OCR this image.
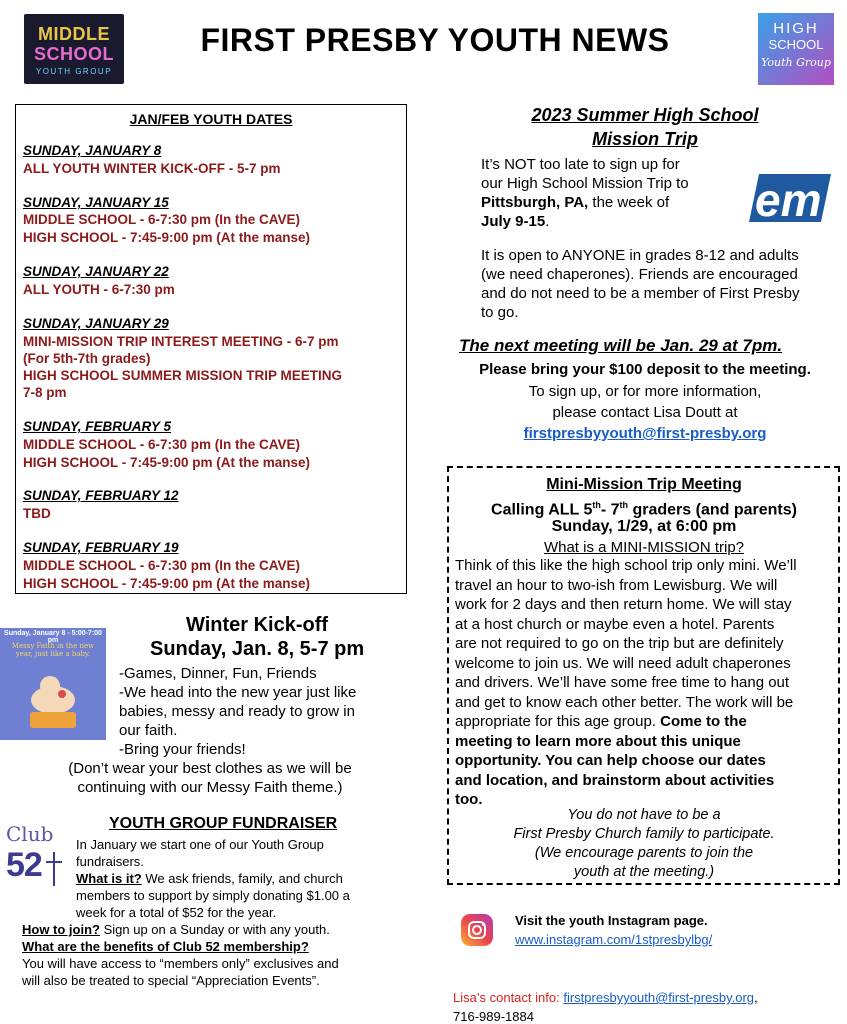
MIDDLE
SCHOOL
YOUTH GROUP
FIRST PRESBY YOUTH NEWS	HIGH
SCHOOL
Youth Group
JAN/FEB YOUTH DATES
SUNDAY, JANUARY 8
ALL YOUTH WINTER KICK-OFF - 5-7 pm
SUNDAY, JANUARY 15
MIDDLE SCHOOL - 6-7:30 pm (In the CAVE)
HIGH SCHOOL - 7:45-9:00 pm (At the manse)
SUNDAY, JANUARY 22
ALL YOUTH - 6-7:30 pm
SUNDAY, JANUARY 29
MINI-MISSION TRIP INTEREST MEETING - 6-7 pm
(For 5th-7th grades)
HIGH SCHOOL SUMMER MISSION TRIP MEETING
7-8 pm
SUNDAY, FEBRUARY 5
MIDDLE SCHOOL - 6-7:30 pm (In the CAVE)
HIGH SCHOOL - 7:45-9:00 pm (At the manse)
SUNDAY, FEBRUARY 12
TBD
SUNDAY, FEBRUARY 19
MIDDLE SCHOOL - 6-7:30 pm (In the CAVE)
HIGH SCHOOL - 7:45-9:00 pm (At the manse)
Sunday, January 8 - 5:00-7:00 pm
Messy Faith in the new year, just like a baby.
Winter Kick-off
Sunday, Jan. 8, 5-7 pm
-Games, Dinner, Fun, Friends
-We head into the new year just like
babies, messy and ready to grow in
our faith.
-Bring your friends!
(Don’t wear your best clothes as we will be
continuing with our Messy Faith theme.)
Club
52
YOUTH GROUP FUNDRAISER
In January we start one of our Youth Group
fundraisers.
What is it? We ask friends, family, and church
members to support by simply donating $1.00 a
week for a total of $52 for the year.
How to join? Sign up on a Sunday or with any youth.
What are the benefits of Club 52 membership?
You will have access to “members only” exclusives and
will also be treated to special “Appreciation Events”.
2023 Summer High School
Mission Trip
It’s NOT too late to sign up for
our High School Mission Trip to
Pittsburgh, PA, the week of
July 9-15.	em
It is open to ANYONE in grades 8-12 and adults
(we need chaperones). Friends are encouraged
and do not need to be a member of First Presby
to go.
The next meeting will be Jan. 29 at 7pm.
Please bring your $100 deposit to the meeting.
To sign up, or for more information,
please contact Lisa Doutt at
firstpresbyyouth@first-presby.org
Mini-Mission Trip Meeting
Calling ALL 5th- 7th graders (and parents)
Sunday, 1/29, at 6:00 pm
What is a MINI-MISSION trip?
Think of this like the high school trip only mini. We’ll
travel an hour to two-ish from Lewisburg. We will
work for 2 days and then return home. We will stay
at a host church or maybe even a hotel. Parents
are not required to go on the trip but are definitely
welcome to join us. We will need adult chaperones
and drivers. We’ll have some free time to hang out
and get to know each other better. The work will be
appropriate for this age group. Come to the
meeting to learn more about this unique
opportunity. You can help choose our dates
and location, and brainstorm about activities
too.
You do not have to be a
First Presby Church family to participate.
(We encourage parents to join the
youth at the meeting.)
Visit the youth Instagram page.
www.instagram.com/1stpresbylbg/
Lisa’s contact info: firstpresbyyouth@first-presby.org,
716-989-1884
